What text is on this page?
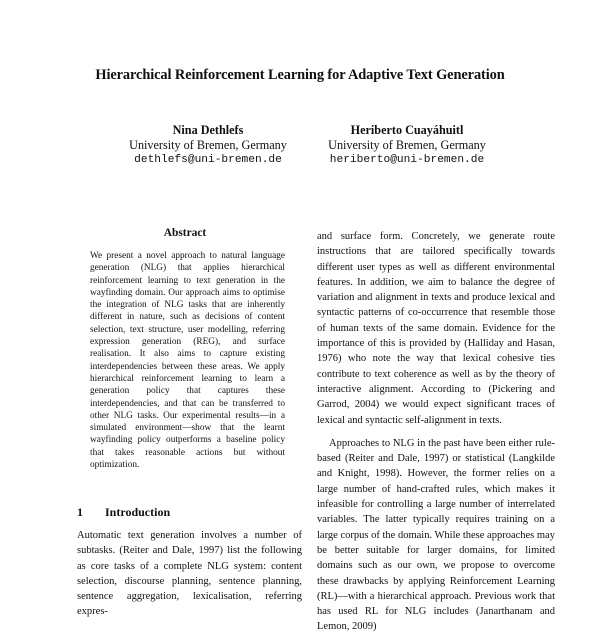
Hierarchical Reinforcement Learning for Adaptive Text Generation
Nina Dethlefs
University of Bremen, Germany
dethlefs@uni-bremen.de
Heriberto Cuayáhuitl
University of Bremen, Germany
heriberto@uni-bremen.de
Abstract

We present a novel approach to natural language generation (NLG) that applies hierarchical reinforcement learning to text generation in the wayfinding domain. Our approach aims to optimise the integration of NLG tasks that are inherently different in nature, such as decisions of content selection, text structure, user modelling, referring expression generation (REG), and surface realisation. It also aims to capture existing interdependencies between these areas. We apply hierarchical reinforcement learning to learn a generation policy that captures these interdependencies, and that can be transferred to other NLG tasks. Our experimental results—in a simulated environment—show that the learnt wayfinding policy outperforms a baseline policy that takes reasonable actions but without optimization.

1 Introduction

Automatic text generation involves a number of subtasks. (Reiter and Dale, 1997) list the following as core tasks of a complete NLG system: content selection, discourse planning, sentence planning, sentence aggregation, lexicalisation, referring expres-

and surface form. Concretely, we generate route instructions that are tailored specifically towards different user types as well as different environmental features. In addition, we aim to balance the degree of variation and alignment in texts and produce lexical and syntactic patterns of co-occurrence that resemble those of human texts of the same domain. Evidence for the importance of this is provided by (Halliday and Hasan, 1976) who note the way that lexical cohesive ties contribute to text coherence as well as by the theory of interactive alignment. According to (Pickering and Garrod, 2004) we would expect significant traces of lexical and syntactic self-alignment in texts.

Approaches to NLG in the past have been either rule-based (Reiter and Dale, 1997) or statistical (Langkilde and Knight, 1998). However, the former relies on a large number of hand-crafted rules, which makes it infeasible for controlling a large number of interrelated variables. The latter typically requires training on a large corpus of the domain. While these approaches may be better suitable for larger domains, for limited domains such as our own, we propose to overcome these drawbacks by applying Reinforcement Learning (RL)—with a hierarchical approach. Previous work that has used RL for NLG includes (Janarthanam and Lemon, 2009)
